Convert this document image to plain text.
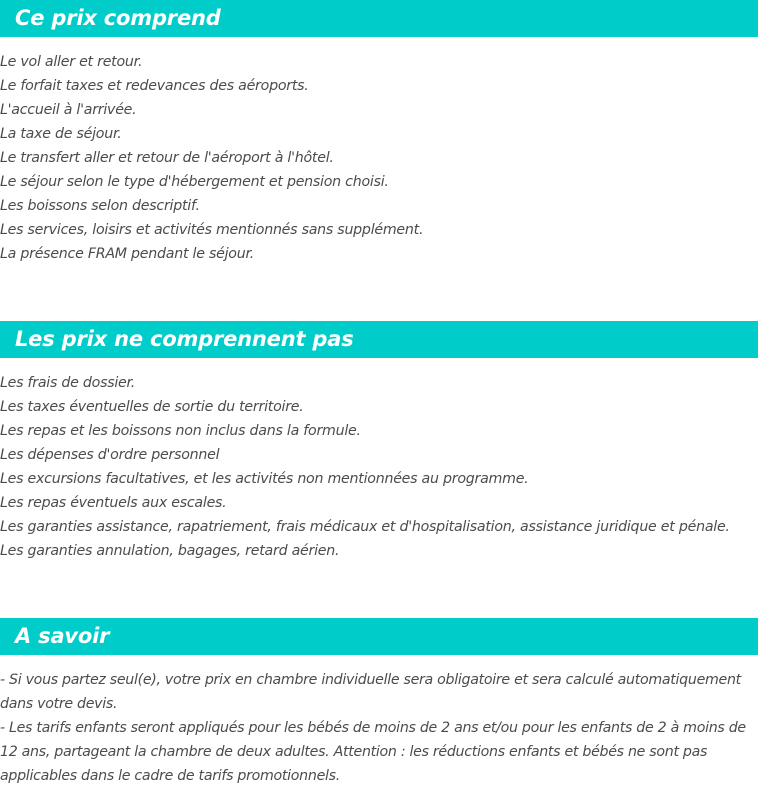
Ce prix comprend
Le vol aller et retour.
Le forfait taxes et redevances des aéroports.
L'accueil à l'arrivée.
La taxe de séjour.
Le transfert aller et retour de l'aéroport à l'hôtel.
Le séjour selon le type d'hébergement et pension choisi.
Les boissons selon descriptif.
Les services, loisirs et activités mentionnés sans supplément.
La présence FRAM pendant le séjour.
Les prix ne comprennent pas
Les frais de dossier.
Les taxes éventuelles de sortie du territoire.
Les repas et les boissons non inclus dans la formule.
Les dépenses d'ordre personnel
Les excursions facultatives, et les activités non mentionnées au programme.
Les repas éventuels aux escales.
Les garanties assistance, rapatriement, frais médicaux et d'hospitalisation, assistance juridique et pénale.
Les garanties annulation, bagages, retard aérien.
A savoir
- Si vous partez seul(e), votre prix en chambre individuelle sera obligatoire et sera calculé automatiquement dans votre devis.
- Les tarifs enfants seront appliqués pour les bébés de moins de 2 ans et/ou pour les enfants de 2 à moins de 12 ans, partageant la chambre de deux adultes. Attention : les réductions enfants et bébés ne sont pas applicables dans le cadre de tarifs promotionnels.
